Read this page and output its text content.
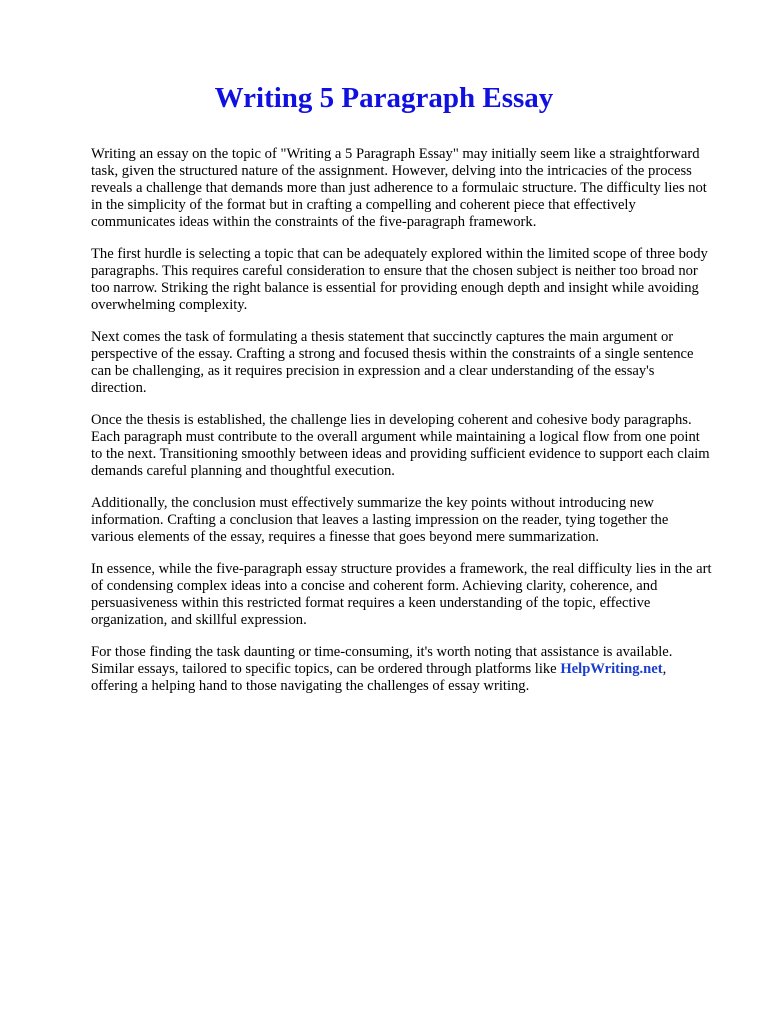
Writing 5 Paragraph Essay

Writing an essay on the topic of "Writing a 5 Paragraph Essay" may initially seem like a straightforward task, given the structured nature of the assignment. However, delving into the intricacies of the process reveals a challenge that demands more than just adherence to a formulaic structure. The difficulty lies not in the simplicity of the format but in crafting a compelling and coherent piece that effectively communicates ideas within the constraints of the five-paragraph framework.

The first hurdle is selecting a topic that can be adequately explored within the limited scope of three body paragraphs. This requires careful consideration to ensure that the chosen subject is neither too broad nor too narrow. Striking the right balance is essential for providing enough depth and insight while avoiding overwhelming complexity.

Next comes the task of formulating a thesis statement that succinctly captures the main argument or perspective of the essay. Crafting a strong and focused thesis within the constraints of a single sentence can be challenging, as it requires precision in expression and a clear understanding of the essay's direction.

Once the thesis is established, the challenge lies in developing coherent and cohesive body paragraphs. Each paragraph must contribute to the overall argument while maintaining a logical flow from one point to the next. Transitioning smoothly between ideas and providing sufficient evidence to support each claim demands careful planning and thoughtful execution.

Additionally, the conclusion must effectively summarize the key points without introducing new information. Crafting a conclusion that leaves a lasting impression on the reader, tying together the various elements of the essay, requires a finesse that goes beyond mere summarization.

In essence, while the five-paragraph essay structure provides a framework, the real difficulty lies in the art of condensing complex ideas into a concise and coherent form. Achieving clarity, coherence, and persuasiveness within this restricted format requires a keen understanding of the topic, effective organization, and skillful expression.

For those finding the task daunting or time-consuming, it's worth noting that assistance is available. Similar essays, tailored to specific topics, can be ordered through platforms like HelpWriting.net, offering a helping hand to those navigating the challenges of essay writing.
